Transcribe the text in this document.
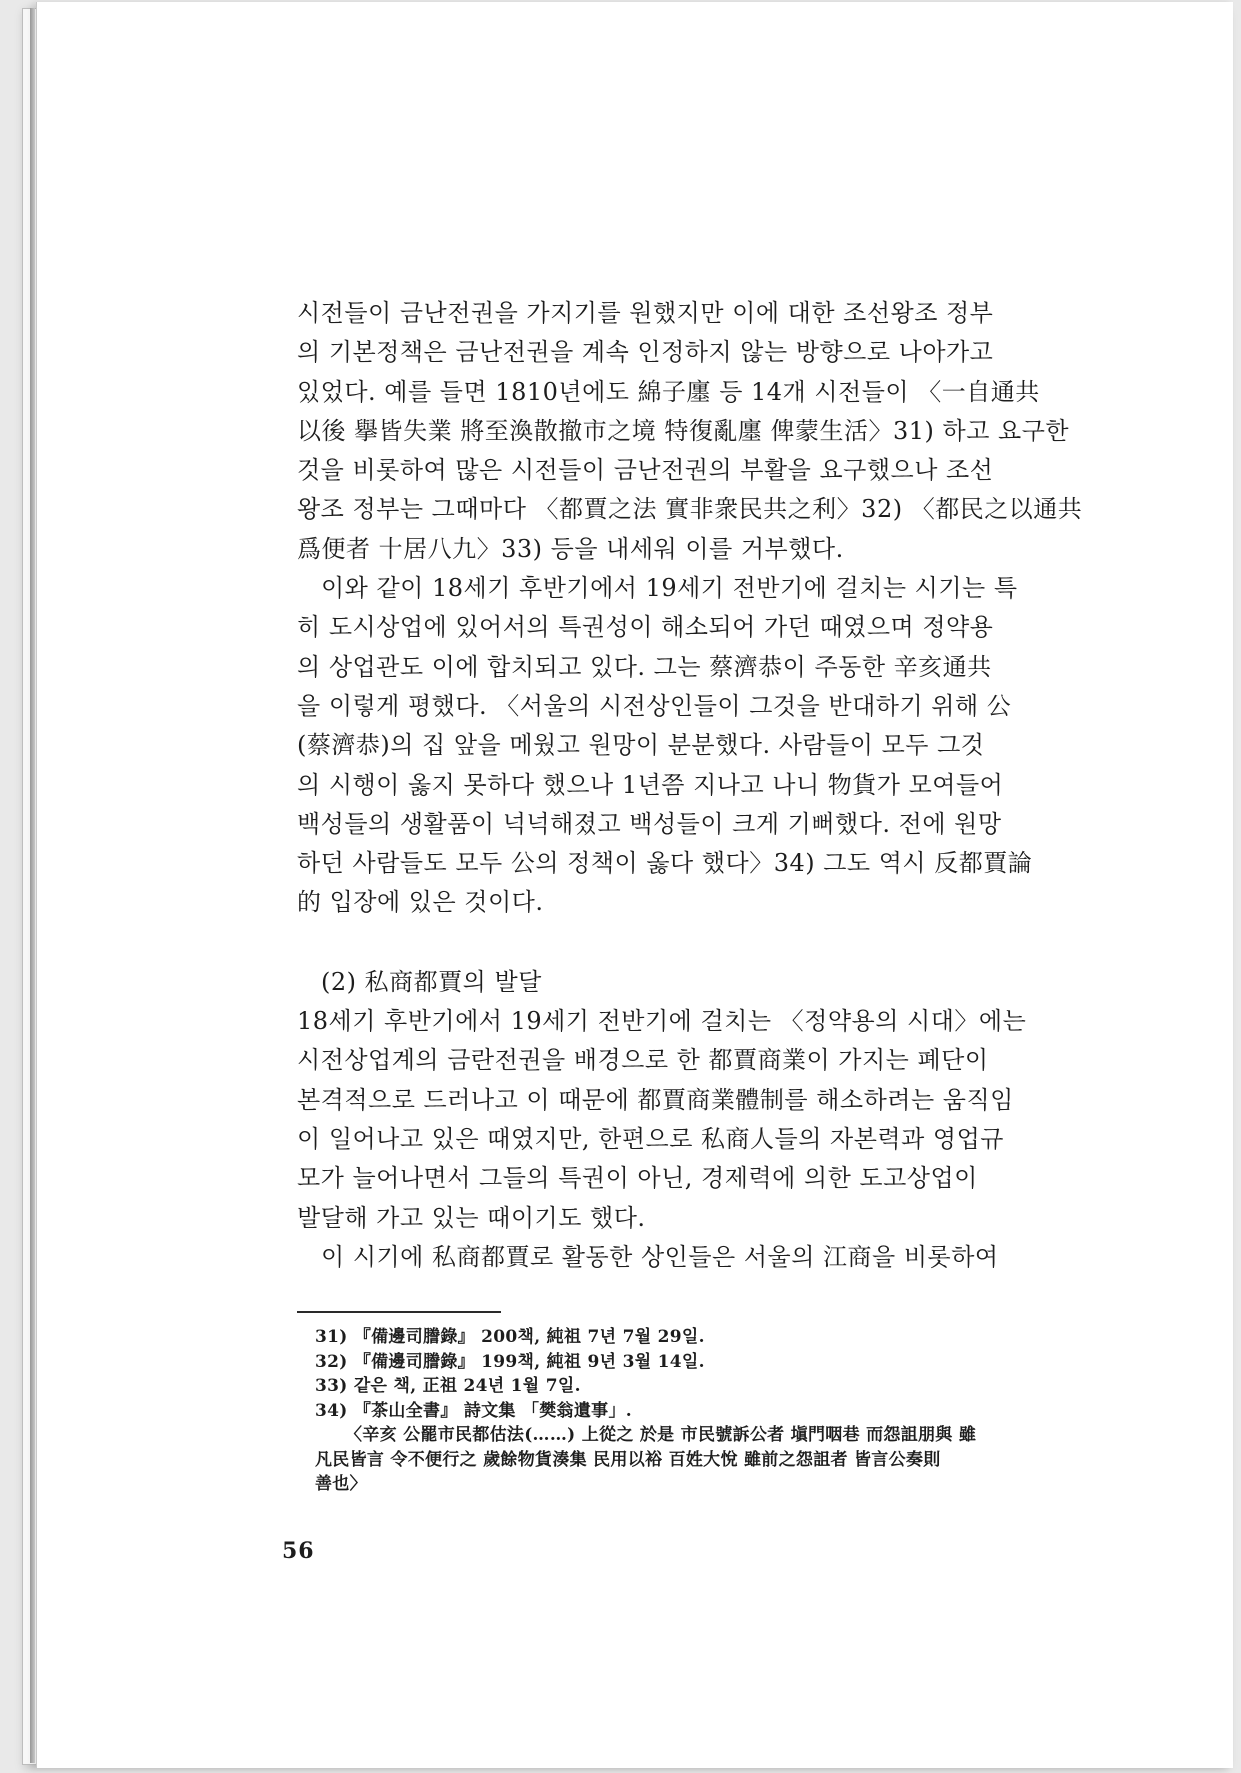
시전들이 금난전권을 가지기를 원했지만 이에 대한 조선왕조 정부
의 기본정책은 금난전권을 계속 인정하지 않는 방향으로 나아가고
있었다. 예를 들면 1810년에도 綿子廛 등 14개 시전들이 〈一自通共
以後 擧皆失業 將至渙散撤市之境 特復亂廛 俾蒙生活〉31) 하고 요구한
것을 비롯하여 많은 시전들이 금난전권의 부활을 요구했으나 조선
왕조 정부는 그때마다 〈都賈之法 實非衆民共之利〉32) 〈都民之以通共
爲便者 十居八九〉33) 등을 내세워 이를 거부했다.
이와 같이 18세기 후반기에서 19세기 전반기에 걸치는 시기는 특
히 도시상업에 있어서의 특권성이 해소되어 가던 때였으며 정약용
의 상업관도 이에 합치되고 있다. 그는 蔡濟恭이 주동한 辛亥通共
을 이렇게 평했다. 〈서울의 시전상인들이 그것을 반대하기 위해 公
(蔡濟恭)의 집 앞을 메웠고 원망이 분분했다. 사람들이 모두 그것
의 시행이 옳지 못하다 했으나 1년쯤 지나고 나니 物貨가 모여들어
백성들의 생활품이 넉넉해졌고 백성들이 크게 기뻐했다. 전에 원망
하던 사람들도 모두 公의 정책이 옳다 했다〉34) 그도 역시 反都賈論
的 입장에 있은 것이다.
(2) 私商都賈의 발달
18세기 후반기에서 19세기 전반기에 걸치는 〈정약용의 시대〉에는
시전상업계의 금란전권을 배경으로 한 都賈商業이 가지는 폐단이
본격적으로 드러나고 이 때문에 都賈商業體制를 해소하려는 움직임
이 일어나고 있은 때였지만, 한편으로 私商人들의 자본력과 영업규
모가 늘어나면서 그들의 특권이 아닌, 경제력에 의한 도고상업이
발달해 가고 있는 때이기도 했다.
이 시기에 私商都賈로 활동한 상인들은 서울의 江商을 비롯하여
31) 『備邊司謄錄』 200책, 純祖 7년 7월 29일.
32) 『備邊司謄錄』 199책, 純祖 9년 3월 14일.
33) 같은 책, 正祖 24년 1월 7일.
34) 『茶山全書』 詩文集 「樊翁遺事」.
〈辛亥 公罷市民都估法(……) 上從之 於是 市民號訴公者 塡門咽巷 而怨詛朋與 雖
凡民皆言 令不便行之 歲餘物貨湊集 民用以裕 百姓大悅 雖前之怨詛者 皆言公奏則
善也〉
56
